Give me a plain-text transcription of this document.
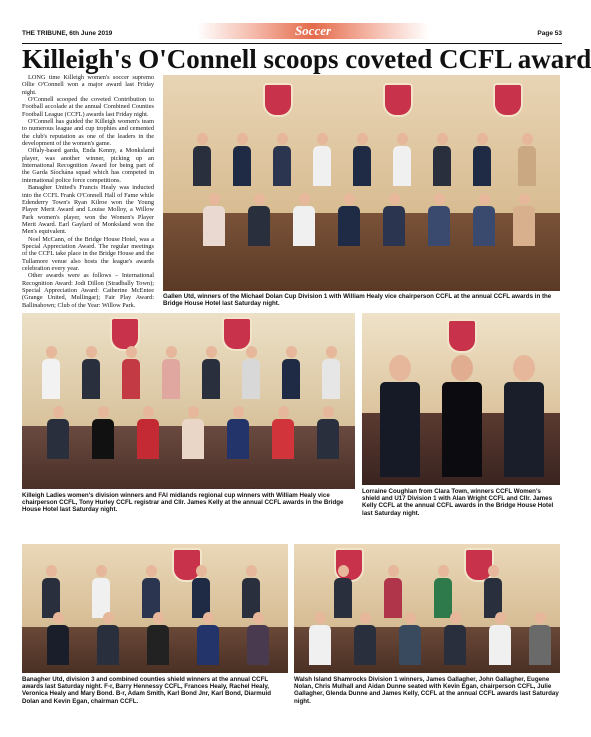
THE TRIBUNE, 6th June 2019	Soccer	Page 53
Killeigh's O'Connell scoops coveted CCFL award

LONG time Killeigh women's soccer supremo Ollie O'Connell won a major award last Friday night.

O'Connell scooped the coveted Contribution to Football accolade at the annual Combined Counties Football League (CCFL) awards last Friday night.

O'Connell has guided the Killeigh women's team to numerous league and cup trophies and cemented the club's reputation as one of the leaders in the development of the women's game.

Offaly-based garda, Enda Kenny, a Monksland player, was another winner, picking up an International Recognition Award for being part of the Garda Síochána squad which has competed in international police force competitions.

Banagher United's Francis Healy was inducted into the CCFL Frank O'Connell Hall of Fame while Edenderry Town's Ryan Kilroe won the Young Player Merit Award and Louise Molloy, a Willow Park women's player, won the Women's Player Merit Award. Earl Gaylard of Monksland won the Men's equivalent.

Noel McCann, of the Bridge House Hotel, was a Special Appreciation Award. The regular meetings of the CCFL take place in the Bridge House and the Tullamore venue also hosts the league's awards celebration every year.

Other awards were as follows – International Recognition Award: Jodi Dillon (Stradbally Town); Special Appreciation Award: Catherine McEntee (Grange United, Mullingar); Fair Play Award: Ballinahown; Club of the Year: Willow Park.

Gallen Utd, winners of the Michael Dolan Cup Division 1 with William Healy vice chairperson CCFL at the annual CCFL awards in the Bridge House Hotel last Saturday night.
Killeigh Ladies women's division winners and FAI midlands regional cup winners with William Healy vice chairperson CCFL, Tony Hurley CCFL registrar and Cllr. James Kelly at the annual CCFL awards in the Bridge House Hotel last Saturday night.
Lorraine Coughlan from Clara Town, winners CCFL Women's shield and U17 Division 1 with Alan Wright CCFL and Cllr. James Kelly CCFL at the annual CCFL awards in the Bridge House Hotel last Saturday night.
Banagher Utd, division 3 and combined counties shield winners at the annual CCFL awards last Saturday night. F-r, Barry Hennessy CCFL, Frances Healy, Rachel Healy, Veronica Healy and Mary Bond. B-r, Adam Smith, Karl Bond Jnr, Karl Bond, Diarmuid Dolan and Kevin Egan, chairman CCFL.
Walsh Island Shamrocks Division 1 winners, James Gallagher, John Gallagher, Eugene Nolan, Chris Mulhall and Aidan Dunne seated with Kevin Egan, chairperson CCFL, Julie Gallagher, Glenda Dunne and James Kelly, CCFL at the annual CCFL awards last Saturday night.
